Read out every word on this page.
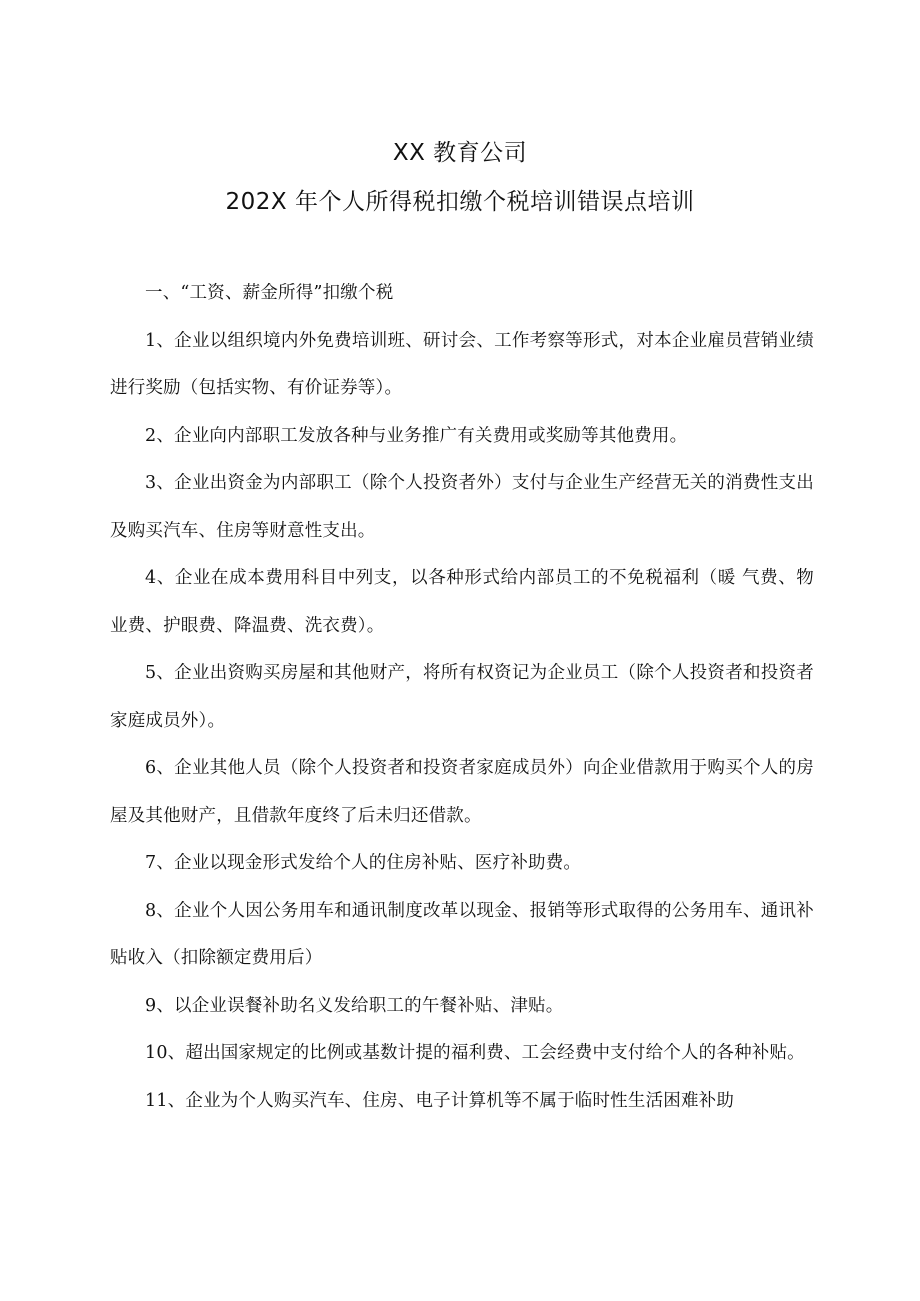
XX 教育公司
202X 年个人所得税扣缴个税培训错误点培训

一、“工资、薪金所得”扣缴个税

1、企业以组织境内外免费培训班、研讨会、工作考察等形式，对本企业雇员营销业绩进行奖励（包括实物、有价证券等）。

2、企业向内部职工发放各种与业务推广有关费用或奖励等其他费用。

3、企业出资金为内部职工（除个人投资者外）支付与企业生产经营无关的消费性支出及购买汽车、住房等财意性支出。

4、企业在成本费用科目中列支，以各种形式给内部员工的不免税福利（暖 气费、物业费、护眼费、降温费、洗衣费）。

5、企业出资购买房屋和其他财产，将所有权资记为企业员工（除个人投资者和投资者家庭成员外）。

6、企业其他人员（除个人投资者和投资者家庭成员外）向企业借款用于购买个人的房屋及其他财产，且借款年度终了后未归还借款。

7、企业以现金形式发给个人的住房补贴、医疗补助费。

8、企业个人因公务用车和通讯制度改革以现金、报销等形式取得的公务用车、通讯补贴收入（扣除额定费用后）

9、以企业误餐补助名义发给职工的午餐补贴、津贴。

10、超出国家规定的比例或基数计提的福利费、工会经费中支付给个人的各种补贴。

11、企业为个人购买汽车、住房、电子计算机等不属于临时性生活困难补助
